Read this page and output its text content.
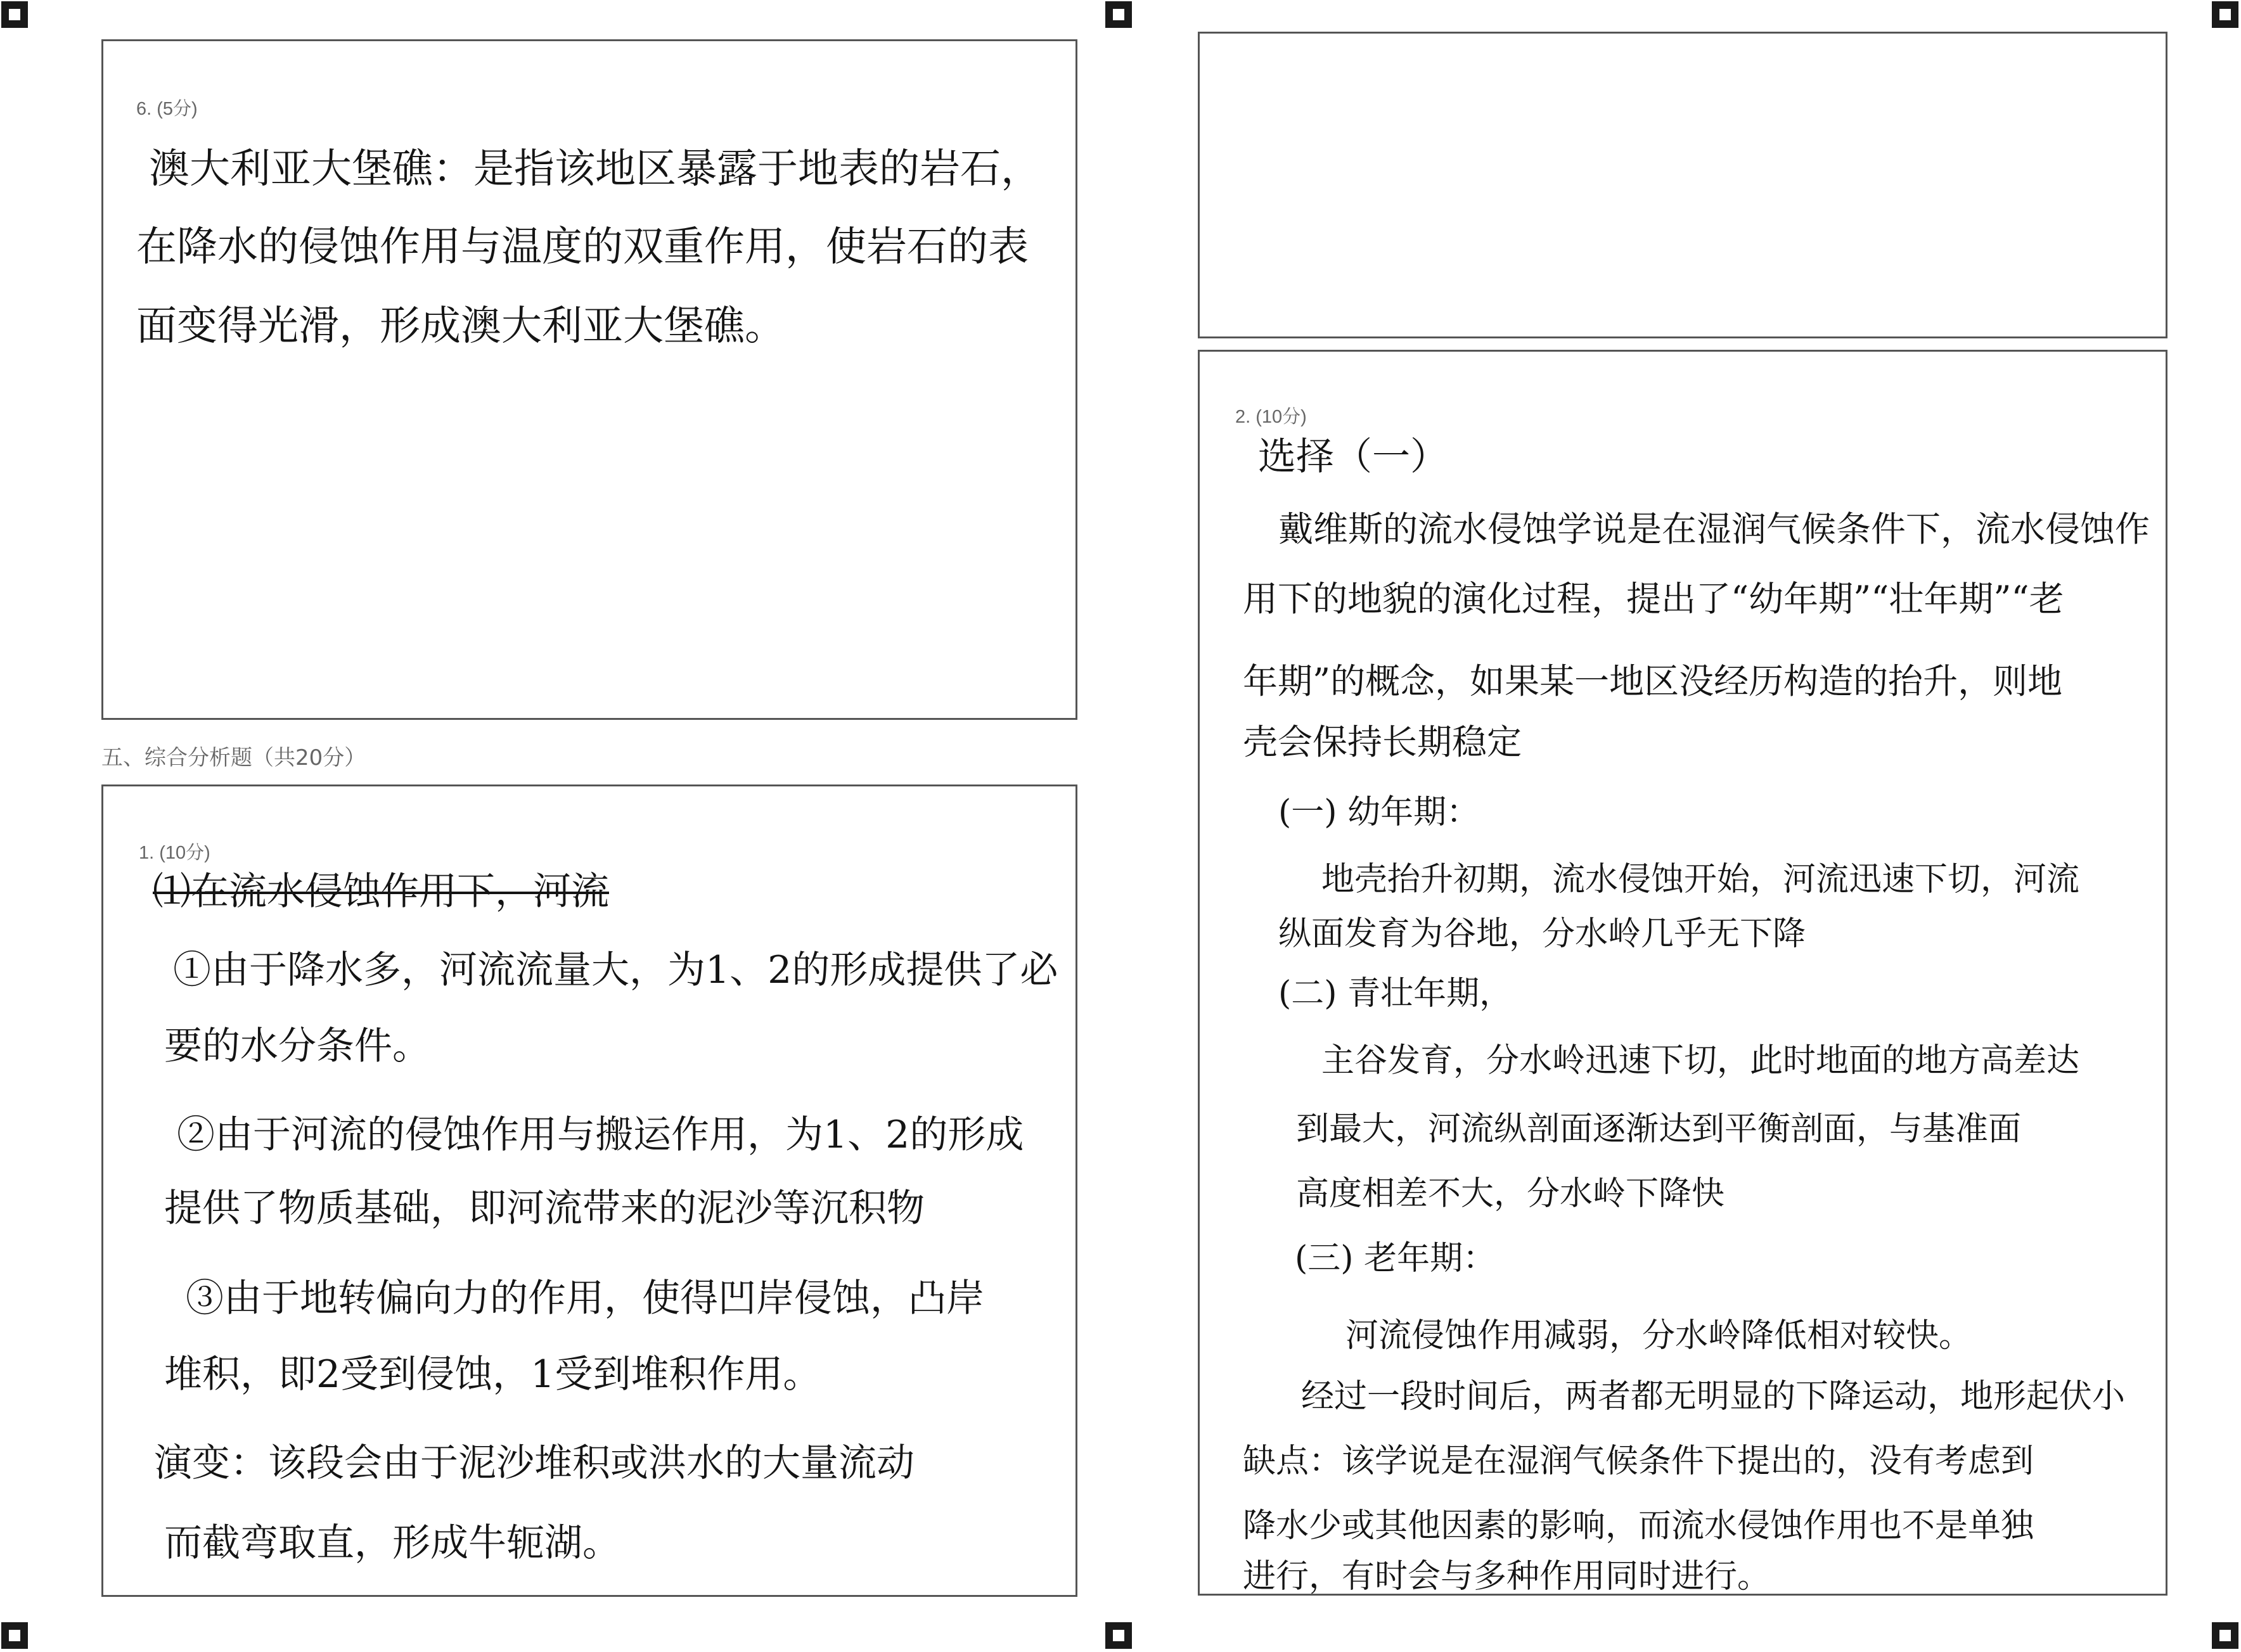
6. (5分)

澳大利亚大堡礁：是指该地区暴露于地表的岩石，

在降水的侵蚀作用与温度的双重作用，使岩石的表

面变得光滑，形成澳大利亚大堡礁。

五、综合分析题（共20分）
1. (10分)

⑴在流水侵蚀作用下，河流

①由于降水多，河流流量大，为1、2的形成提供了必

要的水分条件。

②由于河流的侵蚀作用与搬运作用，为1、2的形成

提供了物质基础，即河流带来的泥沙等沉积物

③由于地转偏向力的作用，使得凹岸侵蚀，凸岸

堆积，即2受到侵蚀，1受到堆积作用。

演变：该段会由于泥沙堆积或洪水的大量流动

而截弯取直，形成牛轭湖。

2. (10分)

选择（一）

戴维斯的流水侵蚀学说是在湿润气候条件下，流水侵蚀作

用下的地貌的演化过程，提出了“幼年期”“壮年期”“老

年期”的概念，如果某一地区没经历构造的抬升，则地

壳会保持长期稳定

(一) 幼年期：

地壳抬升初期，流水侵蚀开始，河流迅速下切，河流

纵面发育为谷地，分水岭几乎无下降

(二) 青壮年期，

主谷发育，分水岭迅速下切，此时地面的地方高差达

到最大，河流纵剖面逐渐达到平衡剖面，与基准面

高度相差不大，分水岭下降快

(三) 老年期：

河流侵蚀作用减弱，分水岭降低相对较快。

经过一段时间后，两者都无明显的下降运动，地形起伏小

缺点：该学说是在湿润气候条件下提出的，没有考虑到

降水少或其他因素的影响，而流水侵蚀作用也不是单独

进行，有时会与多种作用同时进行。
